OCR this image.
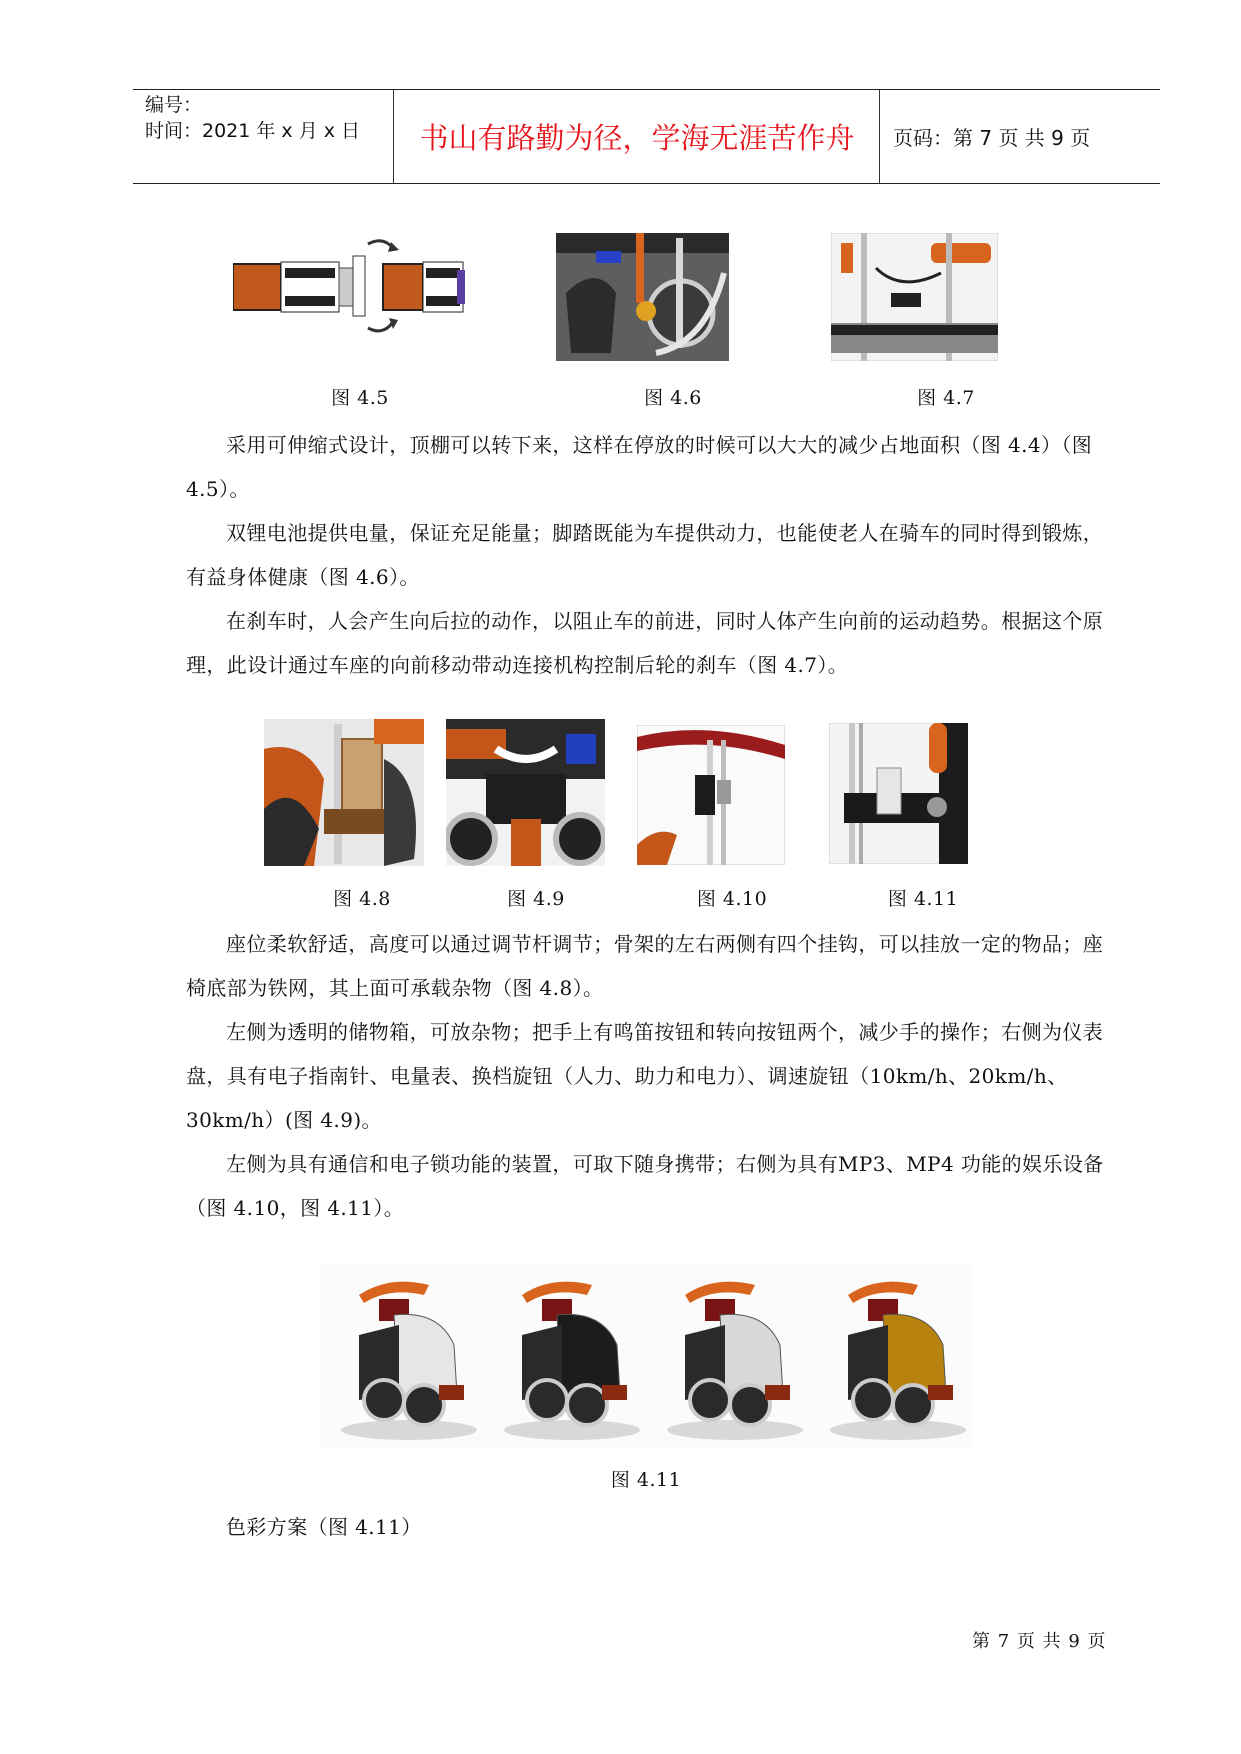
编号：
时间：2021 年 x 月 x 日	书山有路勤为径，学海无涯苦作舟	页码：第 7 页 共 9 页
图 4.5	图 4.6	图 4.7

采用可伸缩式设计，顶棚可以转下来，这样在停放的时候可以大大的减少占地面积（图 4.4）（图 4.5）。

双锂电池提供电量，保证充足能量；脚踏既能为车提供动力，也能使老人在骑车的同时得到锻炼，有益身体健康（图 4.6）。

在刹车时，人会产生向后拉的动作，以阻止车的前进，同时人体产生向前的运动趋势。根据这个原理，此设计通过车座的向前移动带动连接机构控制后轮的刹车（图 4.7）。

图 4.8	图 4.9	图 4.10	图 4.11

座位柔软舒适，高度可以通过调节杆调节；骨架的左右两侧有四个挂钩，可以挂放一定的物品；座椅底部为铁网，其上面可承载杂物（图 4.8）。

左侧为透明的储物箱，可放杂物；把手上有鸣笛按钮和转向按钮两个，减少手的操作；右侧为仪表盘，具有电子指南针、电量表、换档旋钮（人力、助力和电力）、调速旋钮（10km/h、20km/h、30km/h）(图 4.9)。

左侧为具有通信和电子锁功能的装置，可取下随身携带；右侧为具有MP3、MP4 功能的娱乐设备（图 4.10，图 4.11）。

图 4.11

色彩方案（图 4.11）

第 7 页 共 9 页
